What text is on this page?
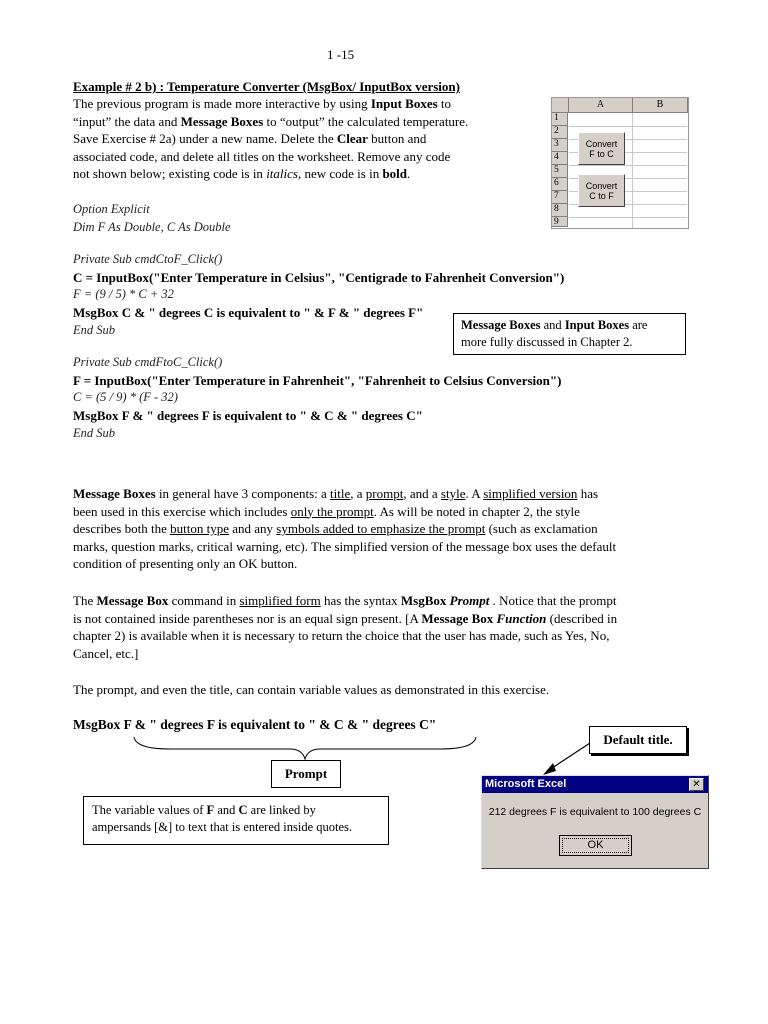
1 -15
Example # 2 b) : Temperature Converter (MsgBox/ InputBox version)
The previous program is made more interactive by using Input Boxes to
“input” the data and Message Boxes to “output” the calculated temperature.
Save Exercise # 2a) under a new name. Delete the Clear button and
associated code, and delete all titles on the worksheet. Remove any code
not shown below; existing code is in italics, new code is in bold.
A	B
1
2
3
4
5
6
7
8
9
Convert
F to C
Convert
C to F
Option Explicit
Dim F As Double, C As Double
Private Sub cmdCtoF_Click()
C = InputBox("Enter Temperature in Celsius", "Centigrade to Fahrenheit Conversion")
F = (9 / 5) * C + 32
MsgBox C & " degrees C is equivalent to " & F & " degrees F"
End Sub
Private Sub cmdFtoC_Click()
F = InputBox("Enter Temperature in Fahrenheit", "Fahrenheit to Celsius Conversion")
C = (5 / 9) * (F - 32)
MsgBox F & " degrees F is equivalent to " & C & " degrees C"
End Sub
Message Boxes and Input Boxes are
more fully discussed in Chapter 2.
Message Boxes in general have 3 components: a title, a prompt, and a style. A simplified version has
been used in this exercise which includes only the prompt. As will be noted in chapter 2, the style
describes both the button type and any symbols added to emphasize the prompt (such as exclamation
marks, question marks, critical warning, etc). The simplified version of the message box uses the default
condition of presenting only an OK button.
The Message Box command in simplified form has the syntax MsgBox Prompt . Notice that the prompt
is not contained inside parentheses nor is an equal sign present. [A Message Box Function (described in
chapter 2) is available when it is necessary to return the choice that the user has made, such as Yes, No,
Cancel, etc.]
The prompt, and even the title, can contain variable values as demonstrated in this exercise.
MsgBox F & " degrees F is equivalent to " & C & " degrees C"
Prompt
The variable values of F and C are linked by
ampersands [&] to text that is entered inside quotes.
Default title.
Microsoft Excel	✕
212 degrees F is equivalent to 100 degrees C
OK
